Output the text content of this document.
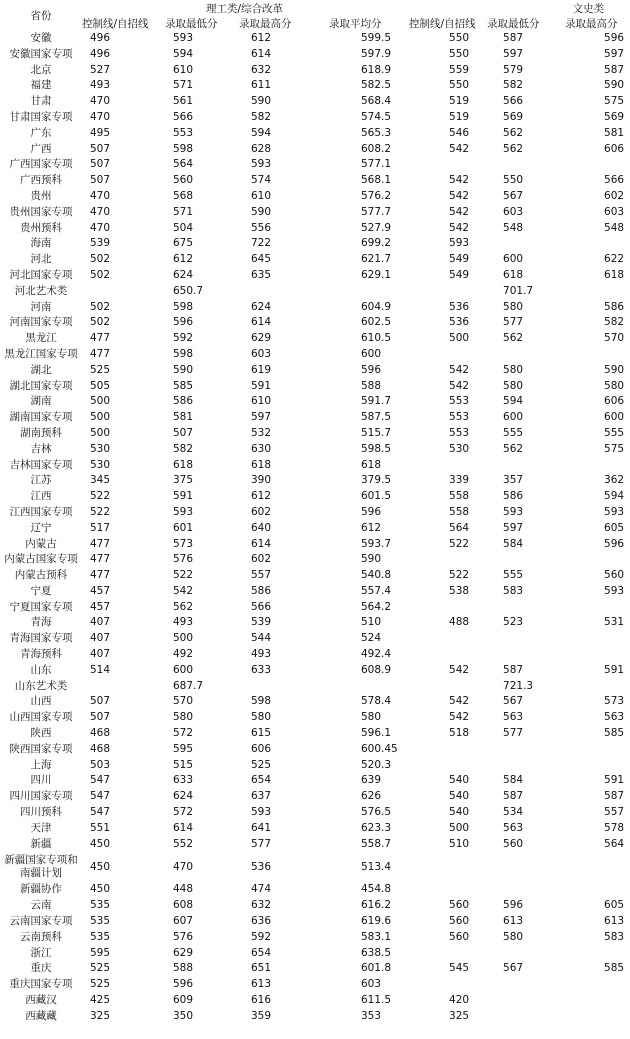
省份	理工类/综合改革				文史类		
	控制线/自招线	录取最低分	录取最高分	录取平均分	控制线/自招线	录取最低分	录取最高分
安徽	496	593	612	599.5	550	587	596
安徽国家专项	496	594	614	597.9	550	597	597
北京	527	610	632	618.9	559	579	587
福建	493	571	611	582.5	550	582	590
甘肃	470	561	590	568.4	519	566	575
甘肃国家专项	470	566	582	574.5	519	569	569
广东	495	553	594	565.3	546	562	581
广西	507	598	628	608.2	542	562	606
广西国家专项	507	564	593	577.1			
广西预科	507	560	574	568.1	542	550	566
贵州	470	568	610	576.2	542	567	602
贵州国家专项	470	571	590	577.7	542	603	603
贵州预科	470	504	556	527.9	542	548	548
海南	539	675	722	699.2	593		
河北	502	612	645	621.7	549	600	622
河北国家专项	502	624	635	629.1	549	618	618
河北艺术类		650.7				701.7	
河南	502	598	624	604.9	536	580	586
河南国家专项	502	596	614	602.5	536	577	582
黑龙江	477	592	629	610.5	500	562	570
黑龙江国家专项	477	598	603	600			
湖北	525	590	619	596	542	580	590
湖北国家专项	505	585	591	588	542	580	580
湖南	500	586	610	591.7	553	594	606
湖南国家专项	500	581	597	587.5	553	600	600
湖南预科	500	507	532	515.7	553	555	555
吉林	530	582	630	598.5	530	562	575
吉林国家专项	530	618	618	618			
江苏	345	375	390	379.5	339	357	362
江西	522	591	612	601.5	558	586	594
江西国家专项	522	593	602	596	558	593	593
辽宁	517	601	640	612	564	597	605
内蒙古	477	573	614	593.7	522	584	596
内蒙古国家专项	477	576	602	590			
内蒙古预科	477	522	557	540.8	522	555	560
宁夏	457	542	586	557.4	538	583	593
宁夏国家专项	457	562	566	564.2			
青海	407	493	539	510	488	523	531
青海国家专项	407	500	544	524			
青海预科	407	492	493	492.4			
山东	514	600	633	608.9	542	587	591
山东艺术类		687.7				721.3	
山西	507	570	598	578.4	542	567	573
山西国家专项	507	580	580	580	542	563	563
陕西	468	572	615	596.1	518	577	585
陕西国家专项	468	595	606	600.45			
上海	503	515	525	520.3			
四川	547	633	654	639	540	584	591
四川国家专项	547	624	637	626	540	587	587
四川预科	547	572	593	576.5	540	534	557
天津	551	614	641	623.3	500	563	578
新疆	450	552	577	558.7	510	560	564
新疆国家专项和南疆计划	450	470	536	513.4			
新疆协作	450	448	474	454.8			
云南	535	608	632	616.2	560	596	605
云南国家专项	535	607	636	619.6	560	613	613
云南预科	535	576	592	583.1	560	580	583
浙江	595	629	654	638.5			
重庆	525	588	651	601.8	545	567	585
重庆国家专项	525	596	613	603			
西藏汉	425	609	616	611.5	420		
西藏藏	325	350	359	353	325		
